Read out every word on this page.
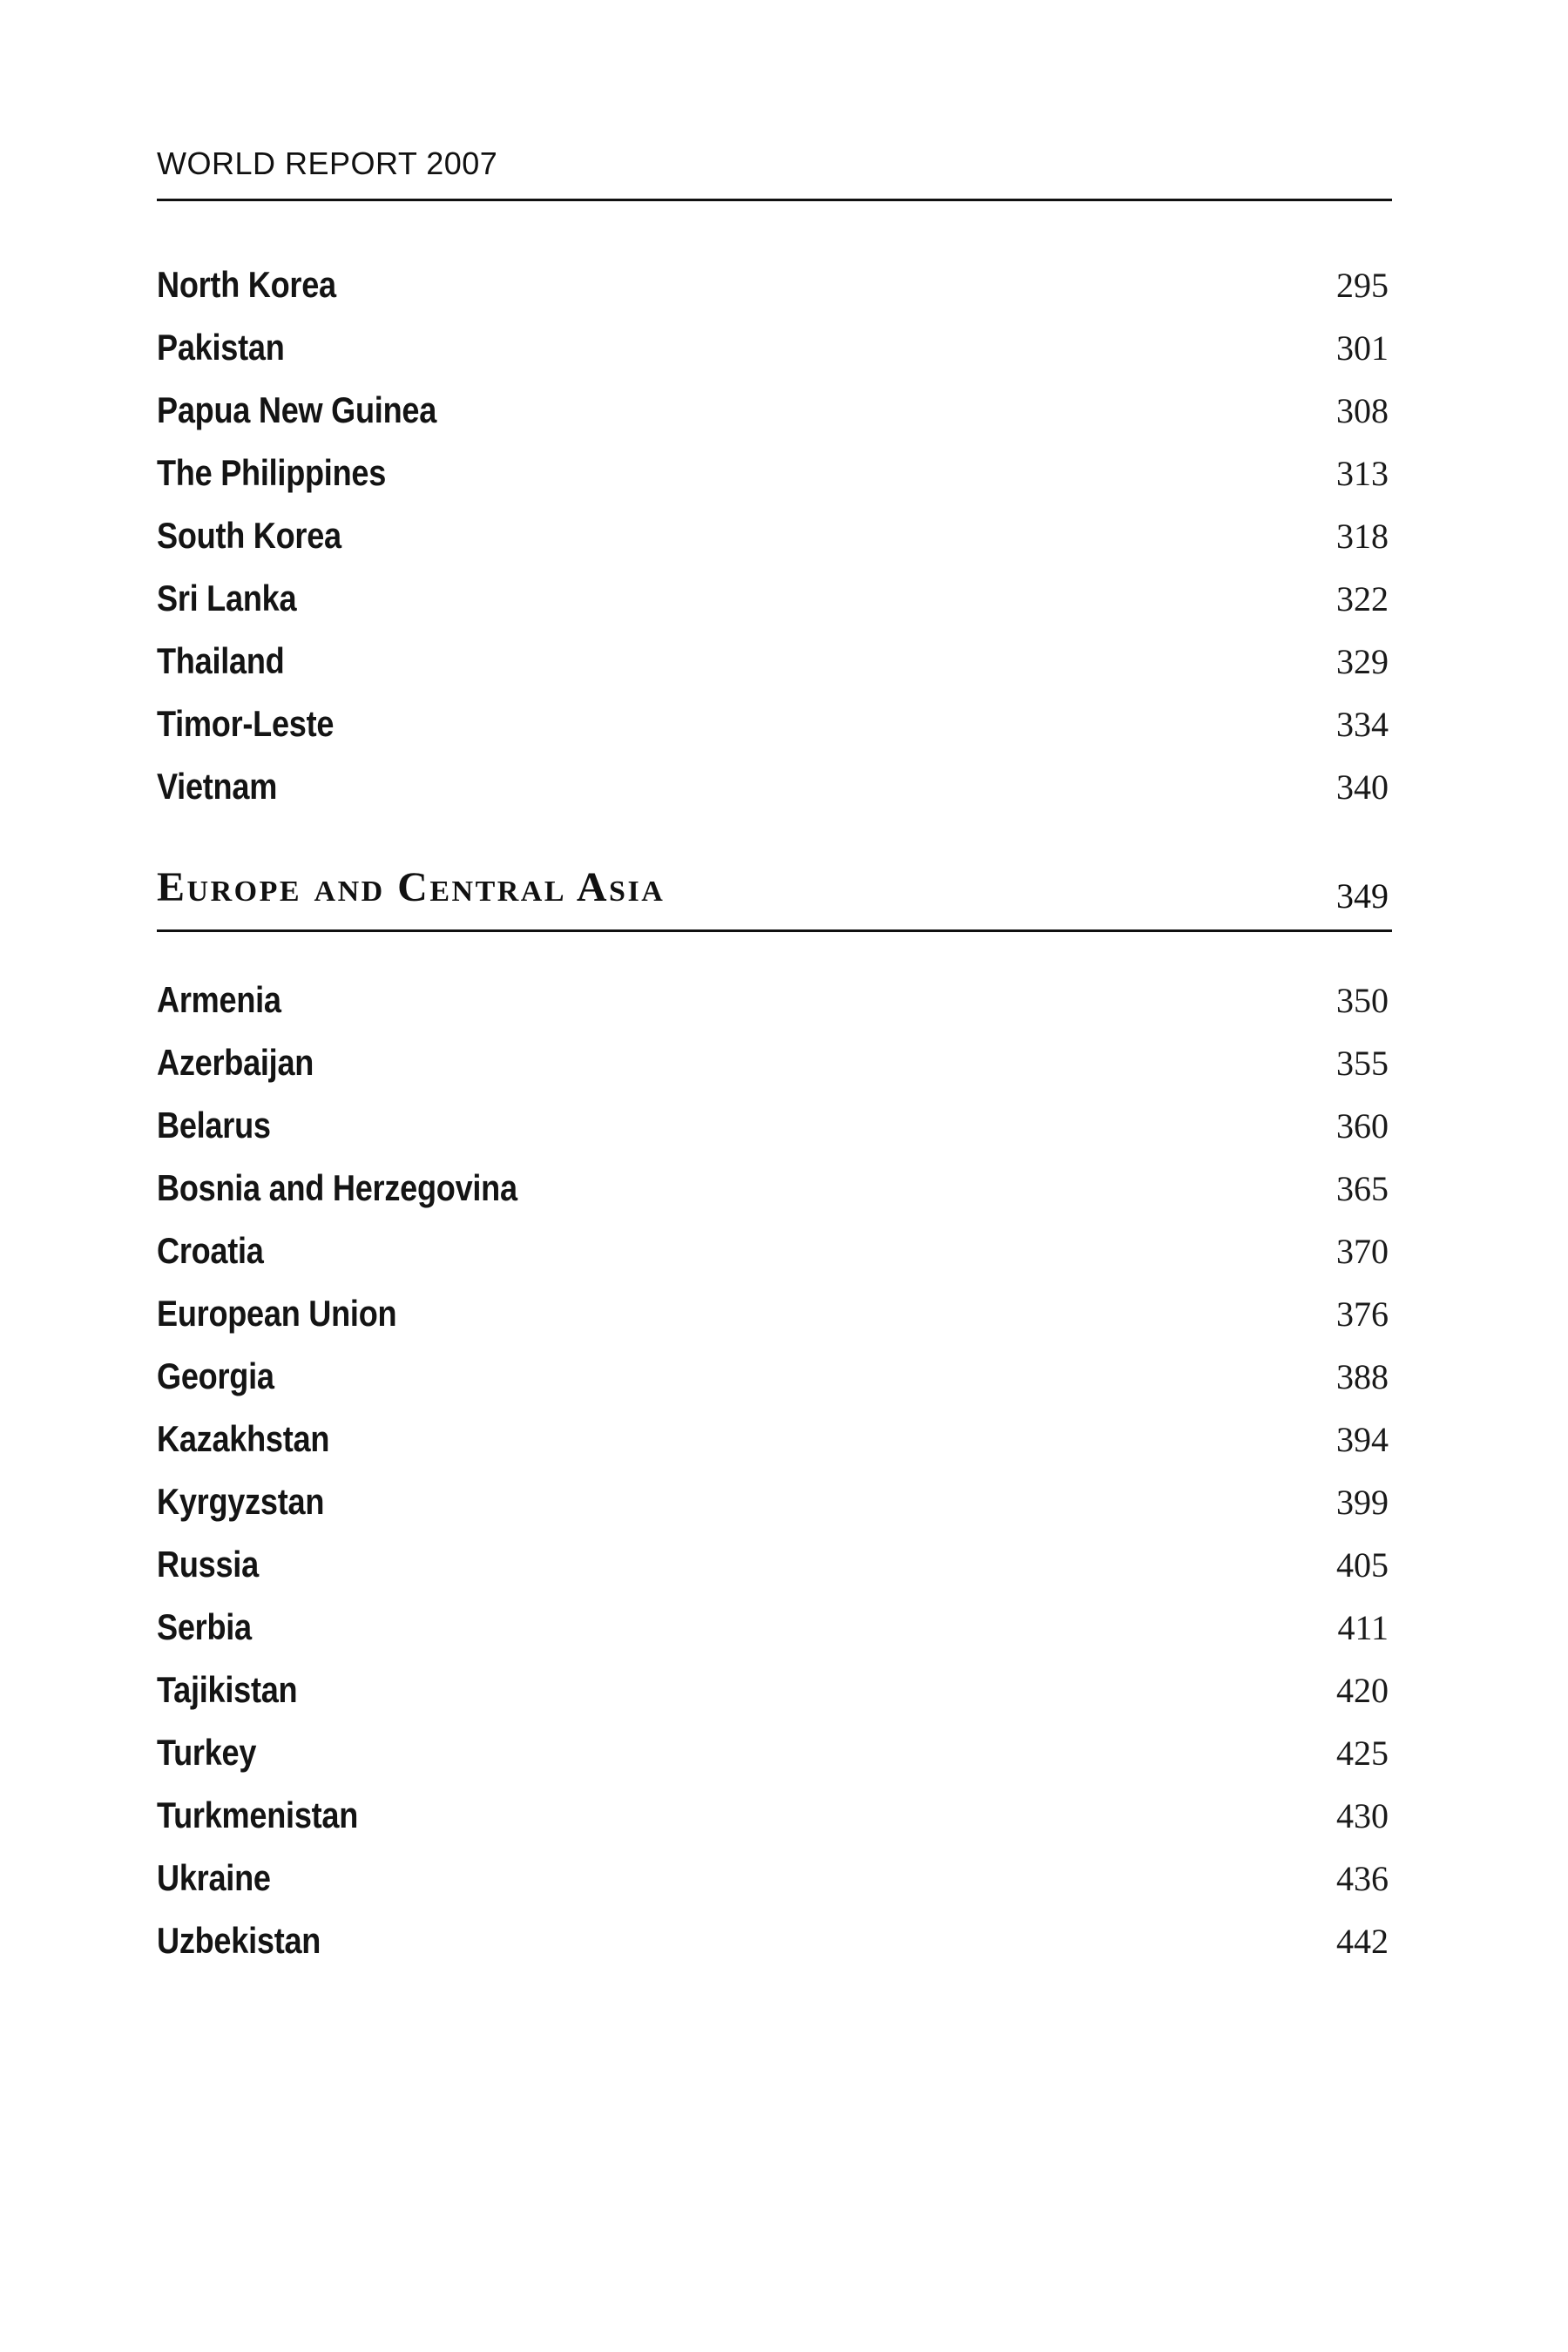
WORLD REPORT 2007
North Korea	295
Pakistan	301
Papua New Guinea	308
The Philippines	313
South Korea	318
Sri Lanka	322
Thailand	329
Timor-Leste	334
Vietnam	340
Europe and Central Asia	349
Armenia	350
Azerbaijan	355
Belarus	360
Bosnia and Herzegovina	365
Croatia	370
European Union	376
Georgia	388
Kazakhstan	394
Kyrgyzstan	399
Russia	405
Serbia	411
Tajikistan	420
Turkey	425
Turkmenistan	430
Ukraine	436
Uzbekistan	442
